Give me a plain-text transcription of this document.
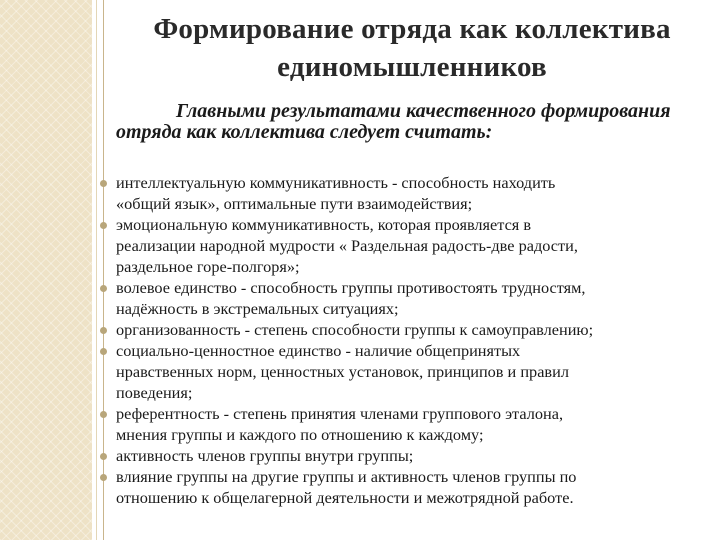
Формирование отряда как коллектива
единомышленников
Главными результатами качественного формирования отряда как коллектива следует считать:
интеллектуальную коммуникативность - способность находить
«общий язык», оптимальные пути взаимодействия;
эмоциональную коммуникативность, которая проявляется в
реализации народной мудрости « Раздельная радость-две радости,
раздельное горе-полгоря»;
волевое единство - способность группы противостоять трудностям,
надёжность в экстремальных ситуациях;
организованность - степень способности группы к самоуправлению;
социально-ценностное единство - наличие общепринятых
нравственных норм, ценностных установок, принципов и правил
поведения;
референтность - степень принятия членами группового эталона,
мнения группы и каждого по отношению к каждому;
активность членов группы внутри группы;
влияние группы на другие группы и активность членов группы по
отношению к общелагерной деятельности и межотрядной работе.
